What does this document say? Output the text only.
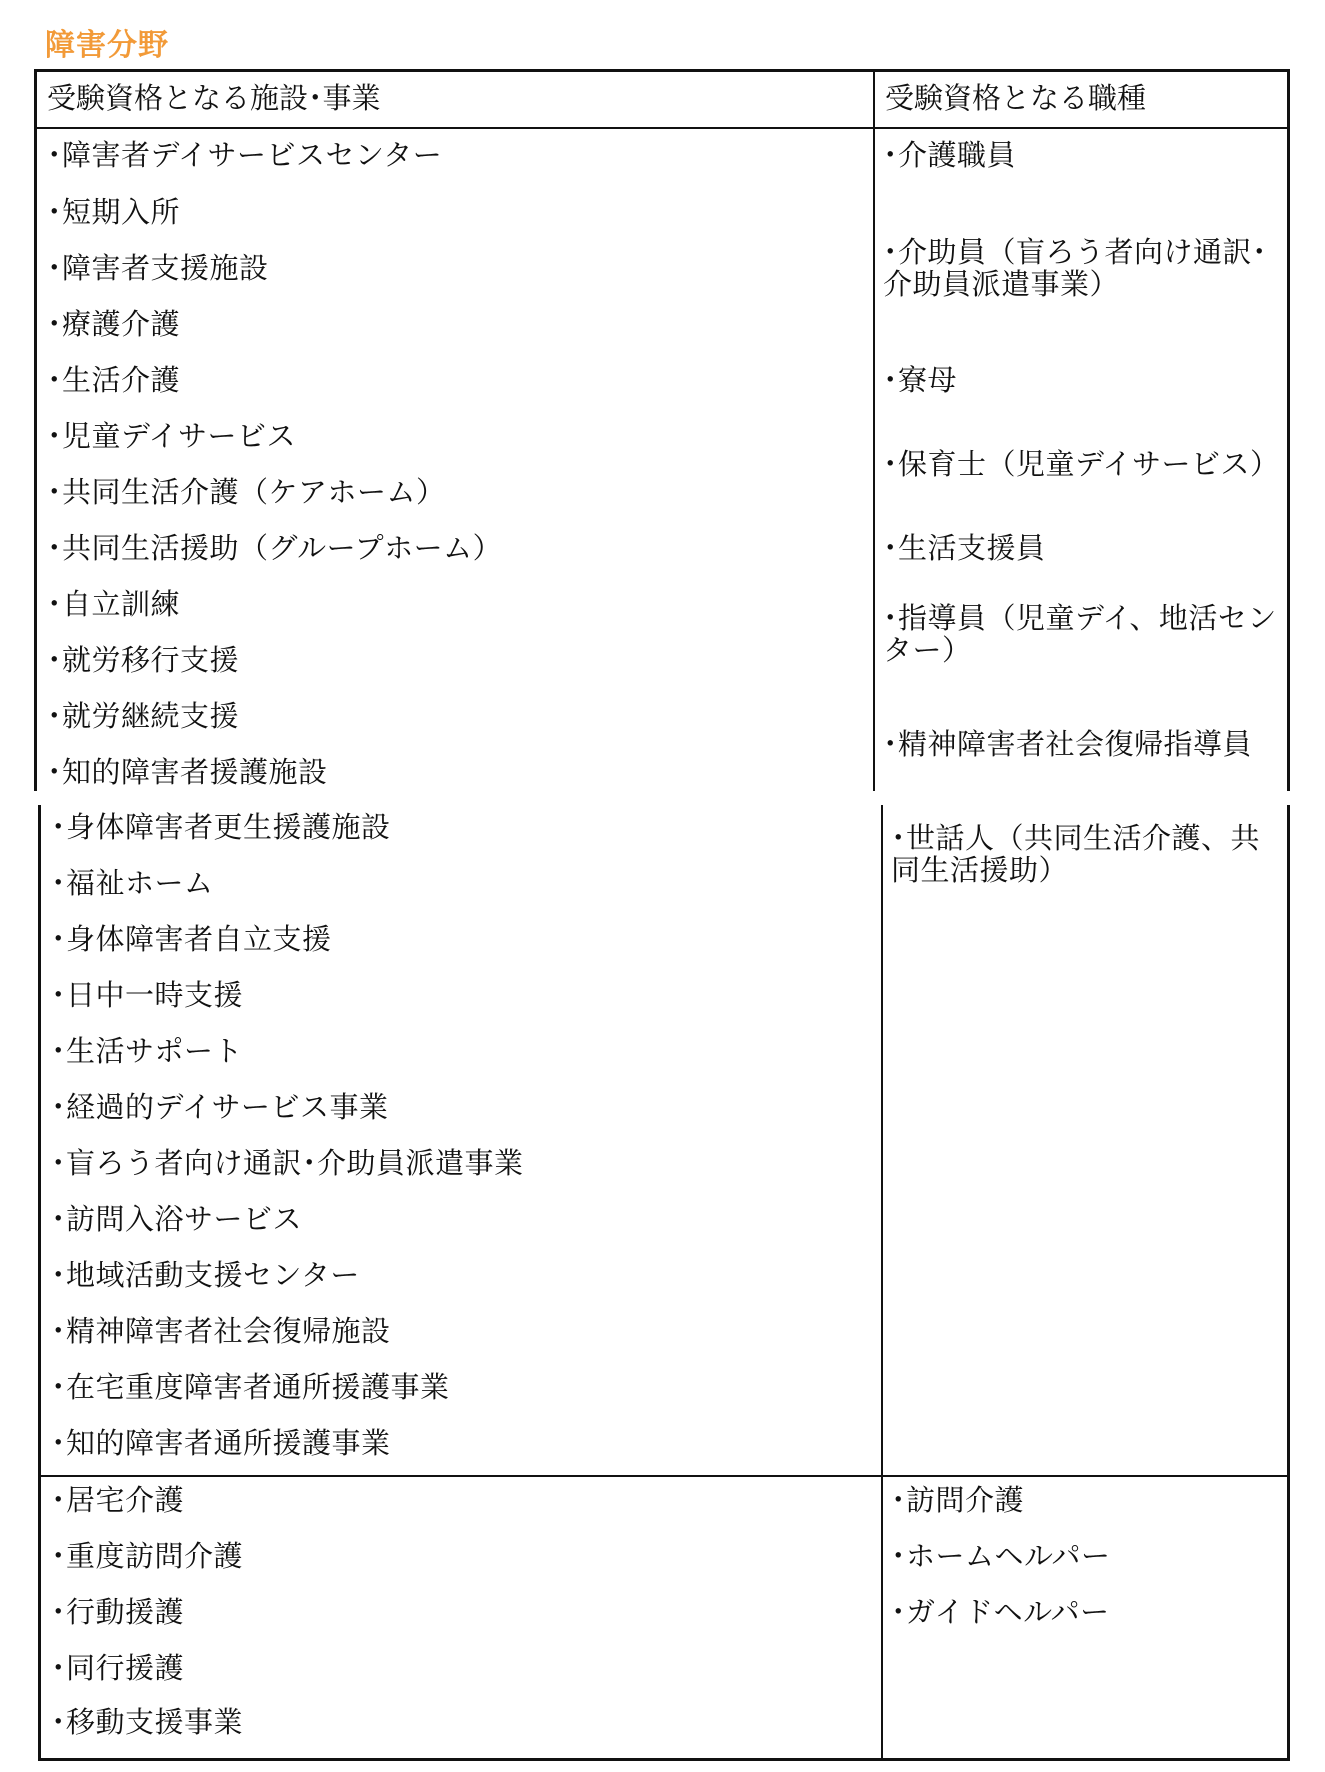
障害分野
受験資格となる施設･事業
･障害者デイサービスセンター
･短期入所
･障害者支援施設
･療護介護
･生活介護
･児童デイサービス
･共同生活介護（ケアホーム）
･共同生活援助（グループホーム）
･自立訓練
･就労移行支援
･就労継続支援
･知的障害者援護施設
受験資格となる職種
･介護職員
･介助員（盲ろう者向け通訳･介助員派遣事業）
･寮母
･保育士（児童デイサービス）
･生活支援員
･指導員（児童デイ、地活センター）
･精神障害者社会復帰指導員
･身体障害者更生援護施設
･福祉ホーム
･身体障害者自立支援
･日中一時支援
･生活サポート
･経過的デイサービス事業
･盲ろう者向け通訳･介助員派遣事業
･訪問入浴サービス
･地域活動支援センター
･精神障害者社会復帰施設
･在宅重度障害者通所援護事業
･知的障害者通所援護事業
･居宅介護
･重度訪問介護
･行動援護
･同行援護
･移動支援事業
･世話人（共同生活介護、共同生活援助）
･訪問介護
･ホームヘルパー
･ガイドヘルパー
